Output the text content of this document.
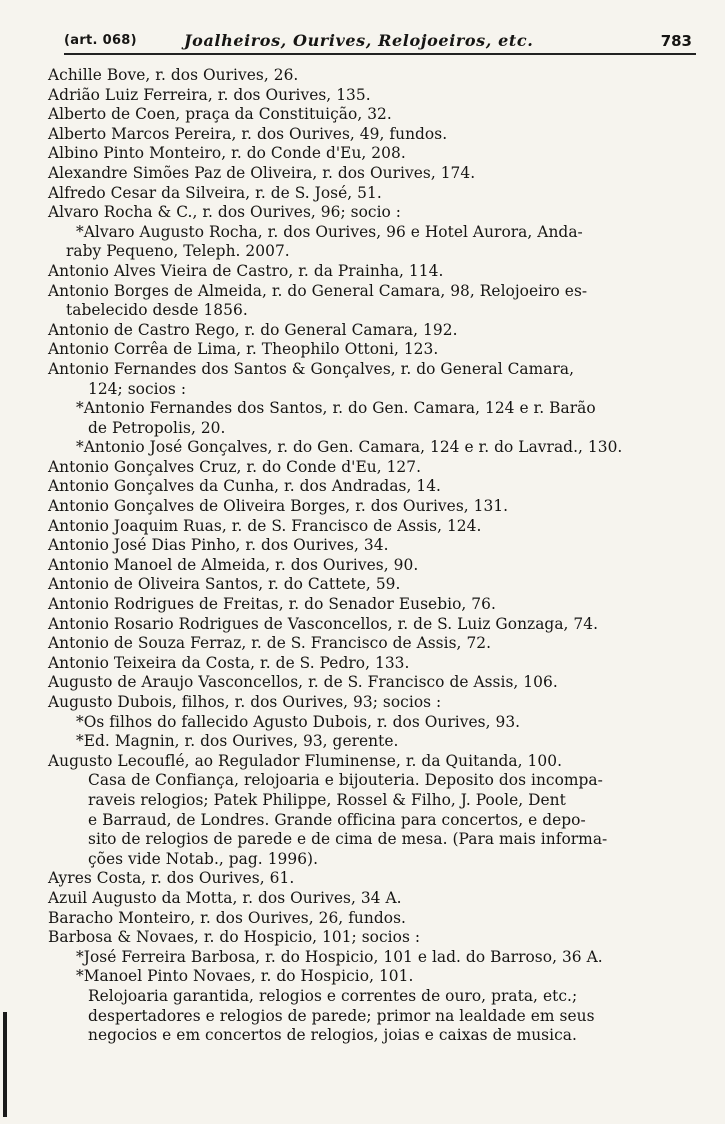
(art. 068)	Joalheiros, Ourives, Relojoeiros, etc.	783
Achille Bove, r. dos Ourives, 26.
Adrião Luiz Ferreira, r. dos Ourives, 135.
Alberto de Coen, praça da Constituição, 32.
Alberto Marcos Pereira, r. dos Ourives, 49, fundos.
Albino Pinto Monteiro, r. do Conde d'Eu, 208.
Alexandre Simões Paz de Oliveira, r. dos Ourives, 174.
Alfredo Cesar da Silveira, r. de S. José, 51.
Alvaro Rocha & C., r. dos Ourives, 96; socio :
*Alvaro Augusto Rocha, r. dos Ourives, 96 e Hotel Aurora, Anda-
raby Pequeno, Teleph. 2007.
Antonio Alves Vieira de Castro, r. da Prainha, 114.
Antonio Borges de Almeida, r. do General Camara, 98, Relojoeiro es-
tabelecido desde 1856.
Antonio de Castro Rego, r. do General Camara, 192.
Antonio Corrêa de Lima, r. Theophilo Ottoni, 123.
Antonio Fernandes dos Santos & Gonçalves, r. do General Camara,
124; socios :
*Antonio Fernandes dos Santos, r. do Gen. Camara, 124 e r. Barão
de Petropolis, 20.
*Antonio José Gonçalves, r. do Gen. Camara, 124 e r. do Lavrad., 130.
Antonio Gonçalves Cruz, r. do Conde d'Eu, 127.
Antonio Gonçalves da Cunha, r. dos Andradas, 14.
Antonio Gonçalves de Oliveira Borges, r. dos Ourives, 131.
Antonio Joaquim Ruas, r. de S. Francisco de Assis, 124.
Antonio José Dias Pinho, r. dos Ourives, 34.
Antonio Manoel de Almeida, r. dos Ourives, 90.
Antonio de Oliveira Santos, r. do Cattete, 59.
Antonio Rodrigues de Freitas, r. do Senador Eusebio, 76.
Antonio Rosario Rodrigues de Vasconcellos, r. de S. Luiz Gonzaga, 74.
Antonio de Souza Ferraz, r. de S. Francisco de Assis, 72.
Antonio Teixeira da Costa, r. de S. Pedro, 133.
Augusto de Araujo Vasconcellos, r. de S. Francisco de Assis, 106.
Augusto Dubois, filhos, r. dos Ourives, 93; socios :
*Os filhos do fallecido Agusto Dubois, r. dos Ourives, 93.
*Ed. Magnin, r. dos Ourives, 93, gerente.
Augusto Lecouflé, ao Regulador Fluminense, r. da Quitanda, 100.
Casa de Confiança, relojoaria e bijouteria. Deposito dos incompa-
raveis relogios; Patek Philippe, Rossel & Filho, J. Poole, Dent
e Barraud, de Londres. Grande officina para concertos, e depo-
sito de relogios de parede e de cima de mesa. (Para mais informa-
ções vide Notab., pag. 1996).
Ayres Costa, r. dos Ourives, 61.
Azuil Augusto da Motta, r. dos Ourives, 34 A.
Baracho Monteiro, r. dos Ourives, 26, fundos.
Barbosa & Novaes, r. do Hospicio, 101; socios :
*José Ferreira Barbosa, r. do Hospicio, 101 e lad. do Barroso, 36 A.
*Manoel Pinto Novaes, r. do Hospicio, 101.
Relojoaria garantida, relogios e correntes de ouro, prata, etc.;
despertadores e relogios de parede; primor na lealdade em seus
negocios e em concertos de relogios, joias e caixas de musica.
